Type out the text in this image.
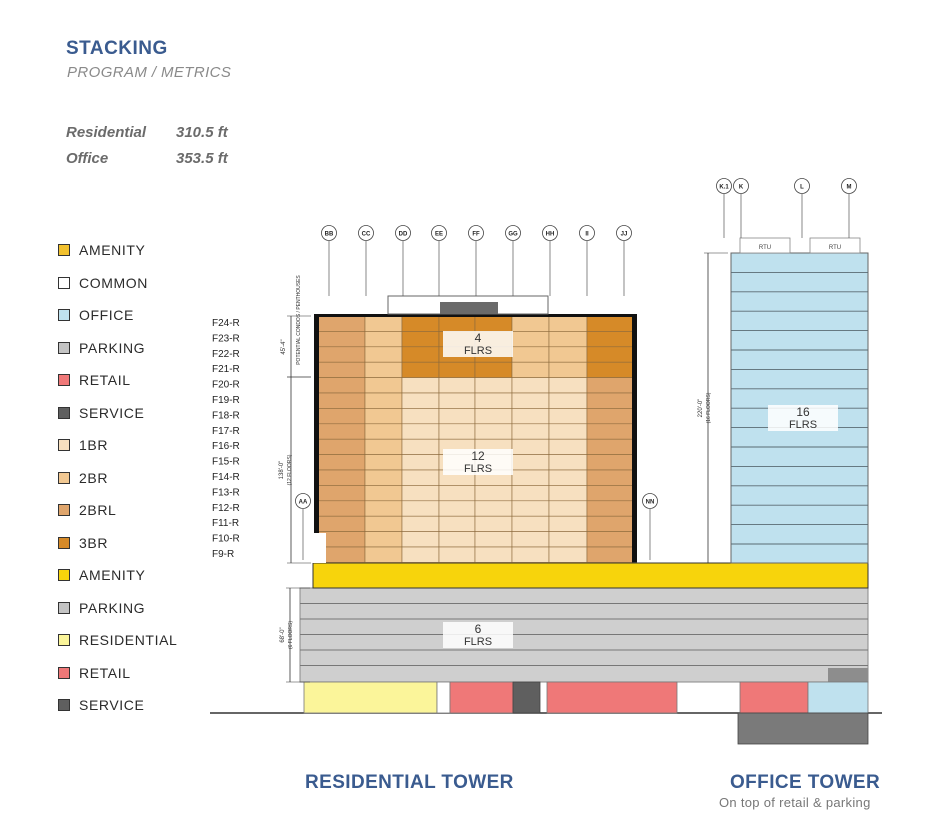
STACKING
PROGRAM / METRICS
Residential 310.5 ft
Office	353.5 ft
AMENITY
COMMON
OFFICE
PARKING
RETAIL
SERVICE
1BR
2BR
2BRL
3BR
AMENITY
PARKING
RESIDENTIAL
RETAIL
SERVICE
4
FLRS
12
FLRS
RTU	RTU
16
FLRS
6
FLRS
BB	CC	DD	EE	FF	GG	HH	II	JJ
AA	NN
K.1 K	L	M
F24-R
F23-R
F22-R
F21-R
F20-R
F19-R
F18-R
F17-R
F16-R
F15-R
F14-R
F13-R
F12-R
F11-R
F10-R
F9-R
45'-4" POTENTIAL CONDOS / PENTHOUSES
138'-0" (12 FLOORS)
220'-0" (16 FLOORS)
68'-0" (6 FLOORS)
RESIDENTIAL TOWER	OFFICE TOWER
On top of retail & parking
